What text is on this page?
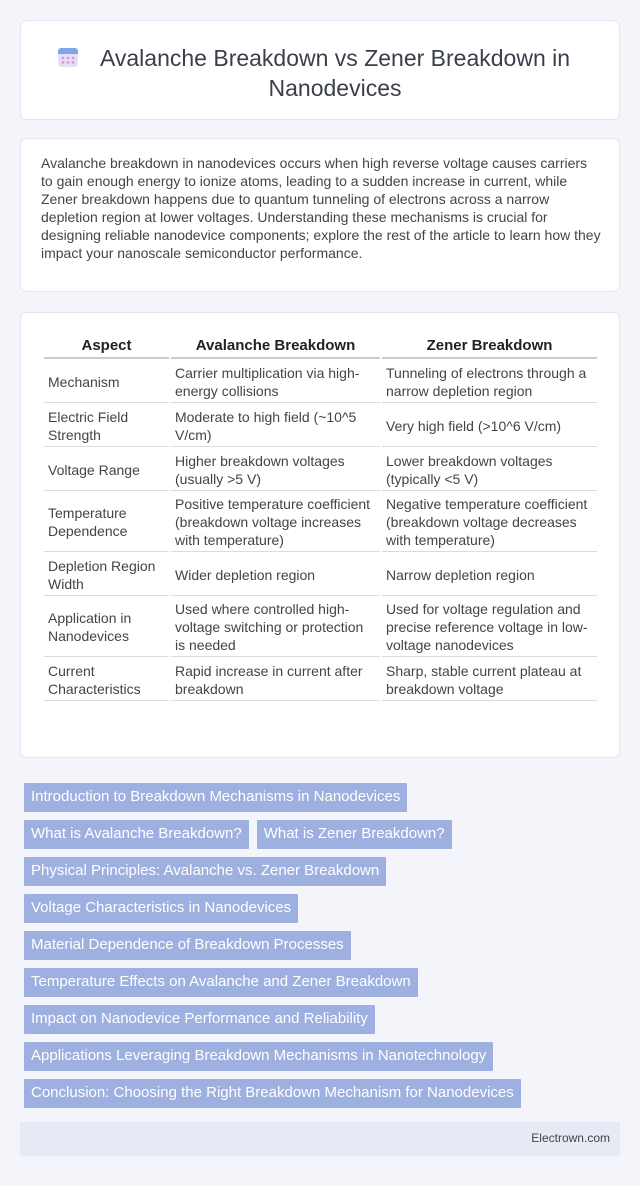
Avalanche Breakdown vs Zener Breakdown in Nanodevices

Avalanche breakdown in nanodevices occurs when high reverse voltage causes carriers to gain enough energy to ionize atoms, leading to a sudden increase in current, while Zener breakdown happens due to quantum tunneling of electrons across a narrow depletion region at lower voltages. Understanding these mechanisms is crucial for designing reliable nanodevice components; explore the rest of the article to learn how they impact your nanoscale semiconductor performance.

Aspect	Avalanche Breakdown	Zener Breakdown
Mechanism	Carrier multiplication via high-energy collisions	Tunneling of electrons through a narrow depletion region
Electric Field Strength	Moderate to high field (~10^5 V/cm)	Very high field (>10^6 V/cm)
Voltage Range	Higher breakdown voltages (usually >5 V)	Lower breakdown voltages (typically <5 V)
Temperature Dependence	Positive temperature coefficient (breakdown voltage increases with temperature)	Negative temperature coefficient (breakdown voltage decreases with temperature)
Depletion Region Width	Wider depletion region	Narrow depletion region
Application in Nanodevices	Used where controlled high-voltage switching or protection is needed	Used for voltage regulation and precise reference voltage in low-voltage nanodevices
Current Characteristics	Rapid increase in current after breakdown	Sharp, stable current plateau at breakdown voltage
Introduction to Breakdown Mechanisms in Nanodevices
What is Avalanche Breakdown?	What is Zener Breakdown?
Physical Principles: Avalanche vs. Zener Breakdown
Voltage Characteristics in Nanodevices
Material Dependence of Breakdown Processes
Temperature Effects on Avalanche and Zener Breakdown
Impact on Nanodevice Performance and Reliability
Applications Leveraging Breakdown Mechanisms in Nanotechnology
Conclusion: Choosing the Right Breakdown Mechanism for Nanodevices
Electrown.com
